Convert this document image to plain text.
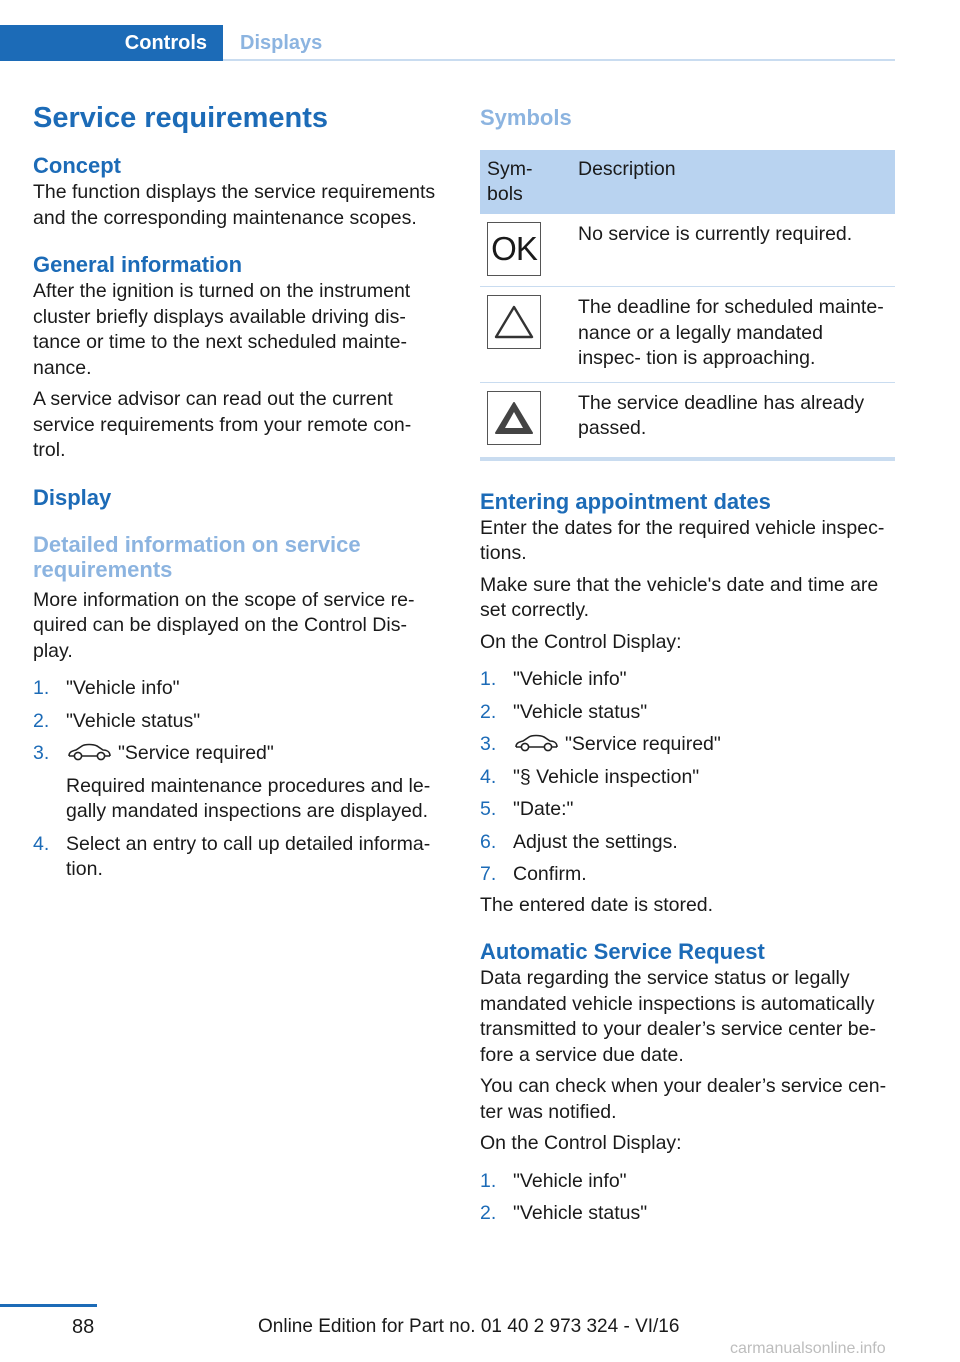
Controls	Displays
Service requirements
Concept

The function displays the service requirements and the corresponding maintenance scopes.

General information

After the ignition is turned on the instrument cluster briefly displays available driving dis‐ tance or time to the next scheduled mainte‐ nance.

A service advisor can read out the current service requirements from your remote con‐ trol.

Display
Detailed information on service requirements

More information on the scope of service re‐ quired can be displayed on the Control Dis‐ play.

1. "Vehicle info"
2. "Vehicle status"
3.	"Service required"
Required maintenance procedures and le‐ gally mandated inspections are displayed.
4. Select an entry to call up detailed informa‐ tion.
Symbols
Sym‐ bols	Description

OK	No service is currently required.

	The deadline for scheduled mainte‐ nance or a legally mandated inspec‐ tion is approaching.

	The service deadline has already passed.
Entering appointment dates

Enter the dates for the required vehicle inspec‐ tions.

Make sure that the vehicle's date and time are set correctly.

On the Control Display:

1. "Vehicle info"
2. "Vehicle status"
3.	"Service required"
4. "§ Vehicle inspection"
5. "Date:"
6. Adjust the settings.
7. Confirm.

The entered date is stored.

Automatic Service Request

Data regarding the service status or legally mandated vehicle inspections is automatically transmitted to your dealer’s service center be‐ fore a service due date.

You can check when your dealer’s service cen‐ ter was notified.

On the Control Display:

1. "Vehicle info"
2. "Vehicle status"
88	Online Edition for Part no. 01 40 2 973 324 - VI/16
carmanualsonline.info
